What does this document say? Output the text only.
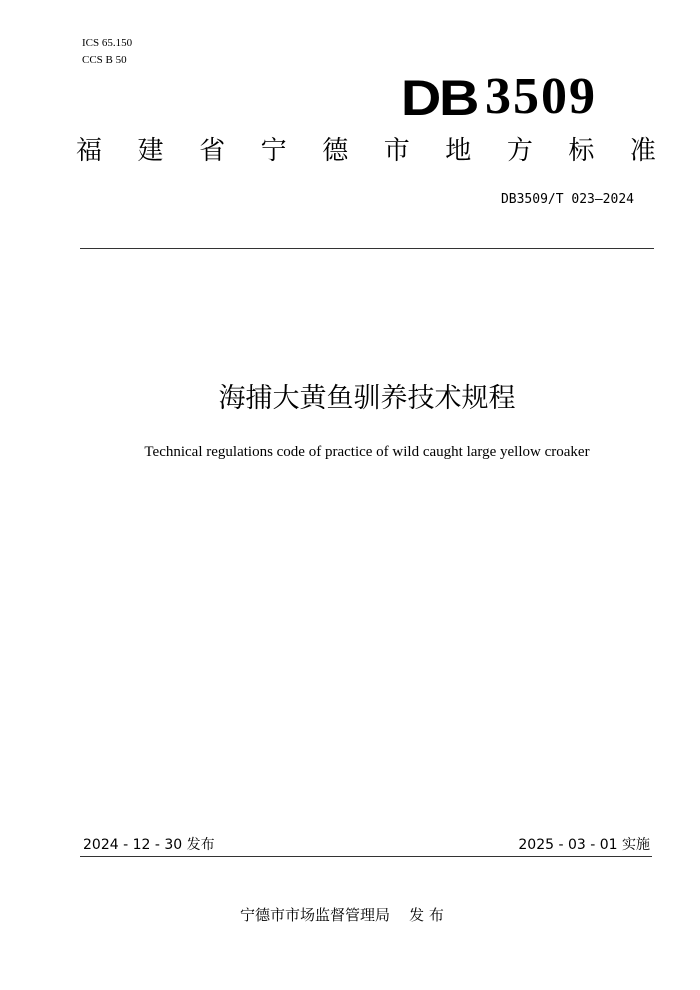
ICS 65.150
CCS B 50
DB 3509
福 建 省 宁 德 市 地 方 标 准
DB3509/T 023—2024
海捕大黄鱼驯养技术规程
Technical regulations code of practice of wild caught large yellow croaker
2024 - 12 - 30 发布	2025 - 03 - 01 实施
宁德市市场监督管理局    发 布
